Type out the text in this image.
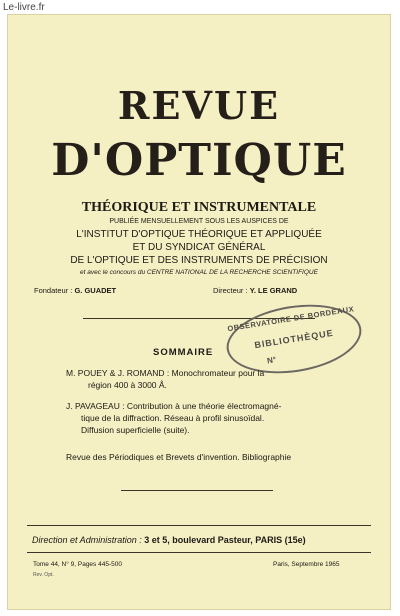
Le-livre.fr
REVUE
D'OPTIQUE
THÉORIQUE ET INSTRUMENTALE
PUBLIÉE MENSUELLEMENT SOUS LES AUSPICES DE
L'INSTITUT D'OPTIQUE THÉORIQUE ET APPLIQUÉE
ET DU SYNDICAT GÉNÉRAL
DE L'OPTIQUE ET DES INSTRUMENTS DE PRÉCISION
et avec le concours du CENTRE NATIONAL DE LA RECHERCHE SCIENTIFIQUE
Fondateur : G. GUADET	Directeur : Y. LE GRAND
OBSERVATOIRE DE BORDEAUX
BIBLIOTHÈQUE
N°
SOMMAIRE
M. POUEY & J. ROMAND : Monochromateur pour la
région 400 à 3000 Å.
J. PAVAGEAU : Contribution à une théorie électromagné-
tique de la diffraction. Réseau à profil sinusoïdal.
Diffusion superficielle (suite).
Revue des Périodiques et Brevets d'invention. Bibliographie
Direction et Administration : 3 et 5, boulevard Pasteur, PARIS (15e)
Tome 44, N° 9, Pages 445-500	Paris, Septembre 1965
Rev. Opt.
